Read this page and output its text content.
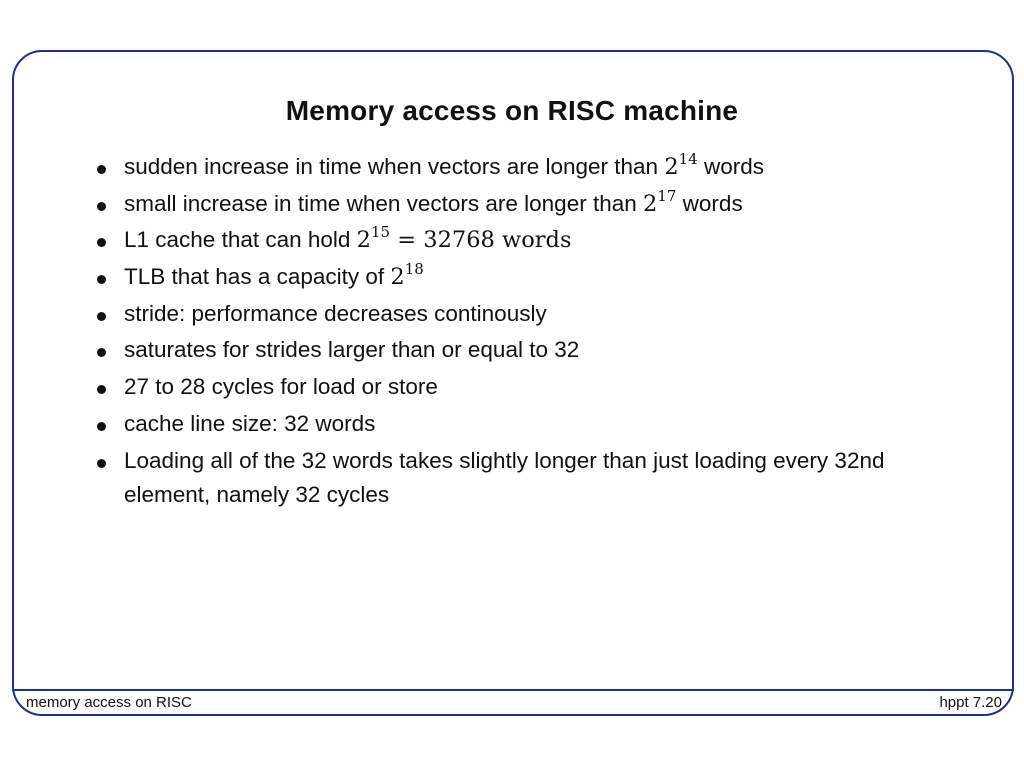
Memory access on RISC machine
sudden increase in time when vectors are longer than $2^{14}$ words
small increase in time when vectors are longer than $2^{17}$ words
L1 cache that can hold $2^{15} = 32768$ words
TLB that has a capacity of $2^{18}$
stride: performance decreases continously
saturates for strides larger than or equal to 32
27 to 28 cycles for load or store
cache line size: 32 words
Loading all of the 32 words takes slightly longer than just loading every 32nd element, namely 32 cycles
memory access on RISC	hppt 7.20
